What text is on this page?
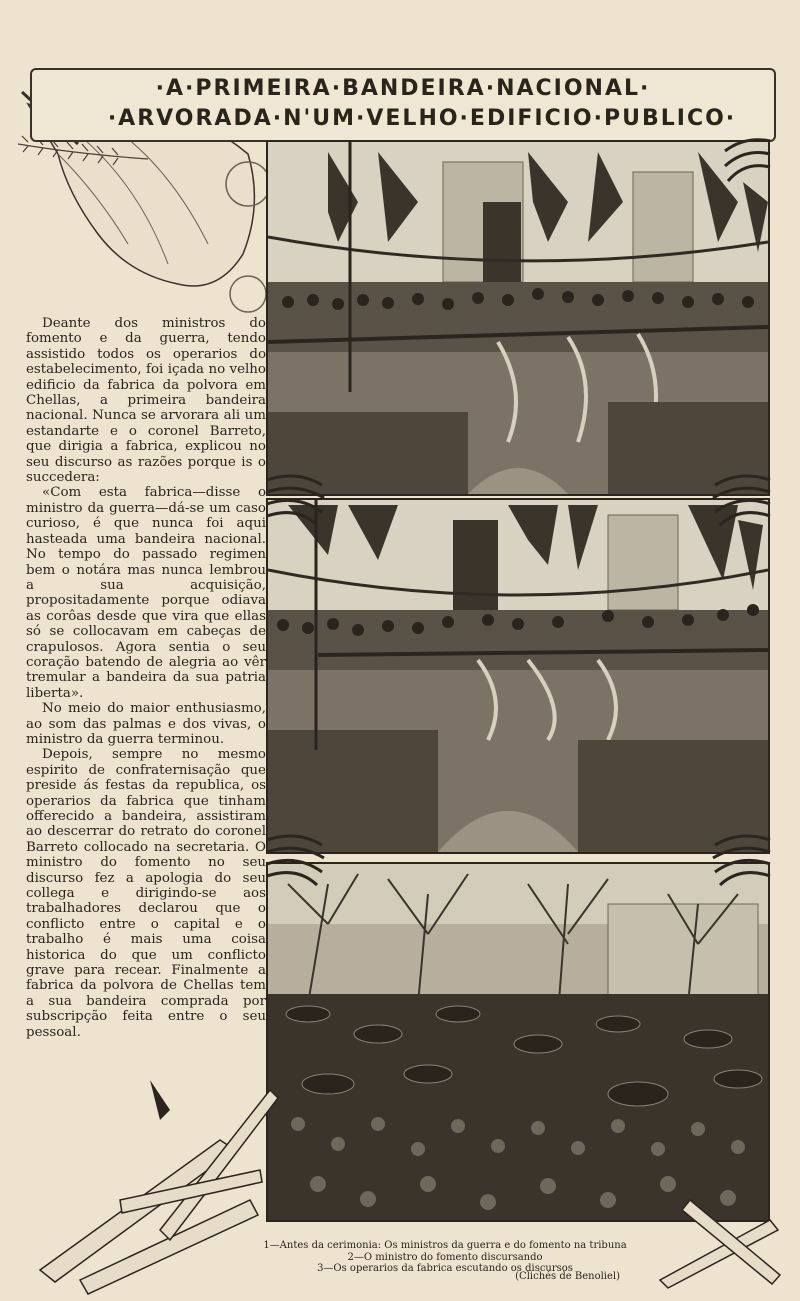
·A·PRIMEIRA·BANDEIRA·NACIONAL·
·ARVORADA·N'UM·VELHO·EDIFICIO·PUBLICO·

Deante dos ministros do fomento e da guerra, tendo assistido todos os operarios do estabelecimento, foi içada no velho edificio da fabrica da polvora em Chellas, a primeira bandeira nacional. Nunca se arvorara ali um estandarte e o coronel Barreto, que dirigia a fabrica, explicou no seu discurso as razões porque is o succedera:

«Com esta fabrica—disse o ministro da guerra—dá-se um caso curioso, é que nunca foi aqui hasteada uma bandeira nacional. No tempo do passado regimen bem o notára mas nunca lembrou a sua acquisição, propositadamente porque odiava as corôas desde que vira que ellas só se collocavam em cabeças de crapulosos. Agora sentia o seu coração batendo de alegria ao vêr tremular a bandeira da sua patria liberta».

No meio do maior enthusiasmo, ao som das palmas e dos vivas, o ministro da guerra terminou.

Depois, sempre no mesmo espirito de confraternisação que preside ás festas da republica, os operarios da fabrica que tinham offerecido a bandeira, assistiram ao descerrar do retrato do coronel Barreto collocado na secretaria. O ministro do fomento no seu discurso fez a apologia do seu collega e dirigindo-se aos trabalhadores declarou que o conflicto entre o capital e o trabalho é mais uma coisa historica do que um conflicto grave para recear. Finalmente a fabrica da polvora de Chellas tem a sua bandeira comprada por subscripção feita entre o seu pessoal.

1—Antes da cerimonia: Os ministros da guerra e do fomento na tribuna
2—O ministro do fomento discursando
3—Os operarios da fabrica escutando os discursos
(Clichés de Benoliel)
